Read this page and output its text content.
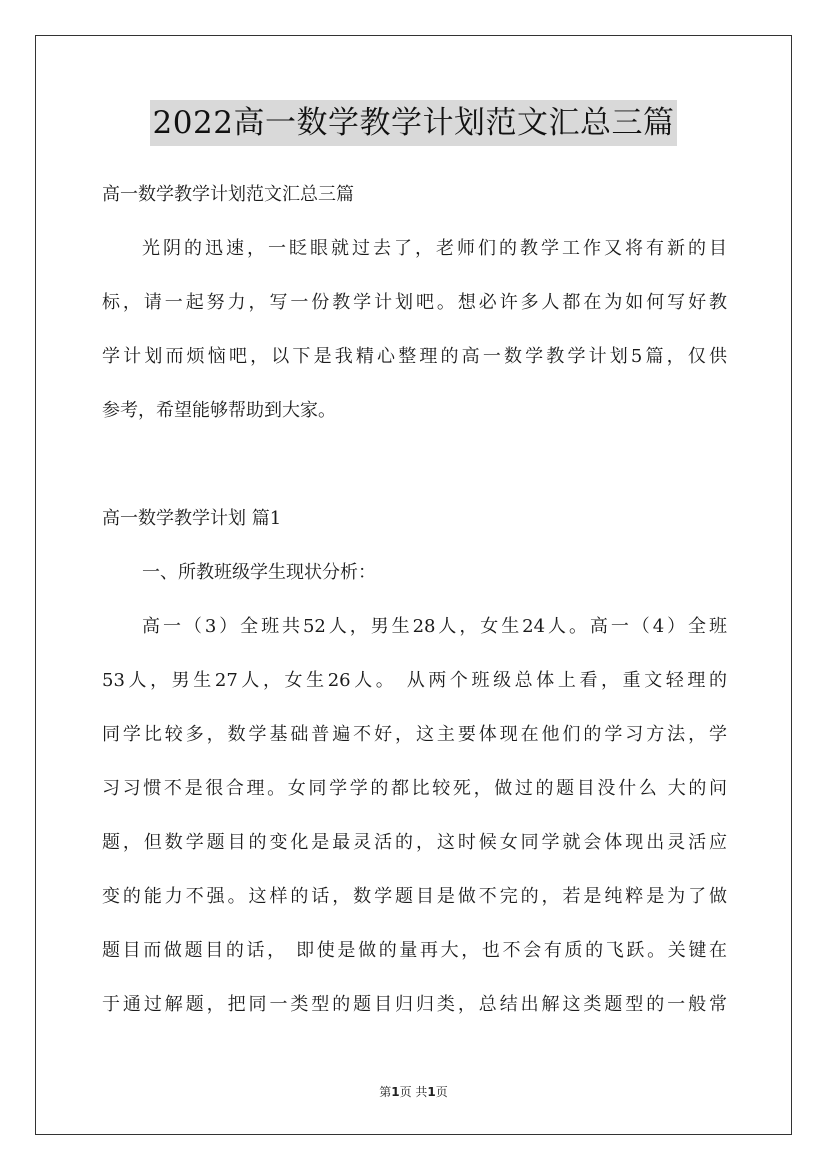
2022高一数学教学计划范文汇总三篇
高一数学教学计划范文汇总三篇
光阴的迅速，一眨眼就过去了，老师们的教学工作又将有新的目
标，请一起努力，写一份教学计划吧。想必许多人都在为如何写好教
学计划而烦恼吧，以下是我精心整理的高一数学教学计划5篇，仅供
参考，希望能够帮助到大家。
高一数学教学计划 篇1
一、所教班级学生现状分析：
高一（3）全班共52人，男生28人，女生24人。高一（4）全班
53人，男生27人，女生26人。 从两个班级总体上看，重文轻理的
同学比较多，数学基础普遍不好，这主要体现在他们的学习方法，学
习习惯不是很合理。女同学学的都比较死，做过的题目没什么 大的问
题，但数学题目的变化是最灵活的，这时候女同学就会体现出灵活应
变的能力不强。这样的话，数学题目是做不完的，若是纯粹是为了做
题目而做题目的话， 即使是做的量再大，也不会有质的飞跃。关键在
于通过解题，把同一类型的题目归归类，总结出解这类题型的一般常
第1页 共1页
